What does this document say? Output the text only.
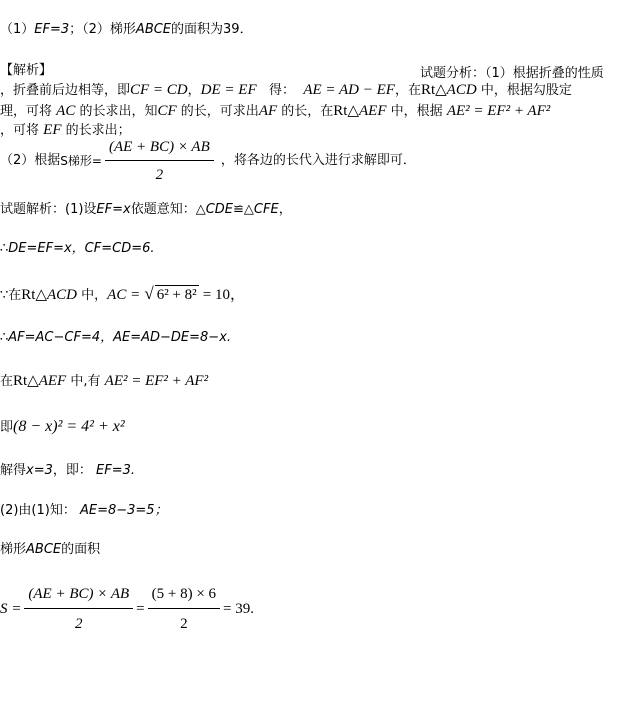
（1）EF=3；（2）梯形ABCE的面积为39．
【解析】	试题分析：（1）根据折叠的性质
，折叠前后边相等，即CF = CD，DE = EF 得： AE = AD − EF，在Rt△ACD 中，根据勾股定
理，可将 AC 的长求出，知CF 的长，可求出AF 的长，在Rt△AEF 中，根据 AE² = EF² + AF²
，可将 EF 的长求出；
（2）根据S梯形= $\frac{(AE + BC) \times AB}{2}$ ，将各边的长代入进行求解即可．
试题解析：(1)设EF=x依题意知：△CDE≌△CFE，
∴DE=EF=x，CF=CD=6.
∵在Rt△ACD 中，AC = √ 6² + 8² = 10，
∴AF=AC−CF=4，AE=AD−DE=8−x.
在Rt△AEF 中,有 AE² = EF² + AF²
即(8 − x)² = 4² + x²
解得x=3，即： EF=3.
(2)由(1)知： AE=8−3=5；
梯形ABCE的面积
$S = \frac{(AE + BC) \times AB}{2} = \frac{(5 + 8) \times 6}{2} = 39$.
